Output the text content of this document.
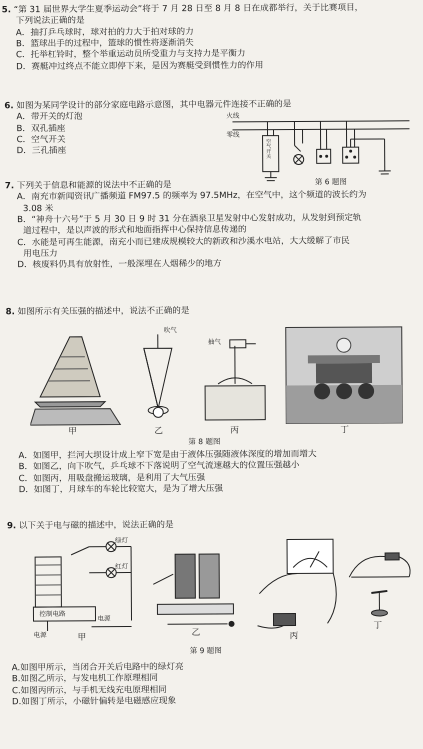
5. “第 31 届世界大学生夏季运动会”将于 7 月 28 日至 8 月 8 日在成都举行，关于比赛项目，
下列说法正确的是
A．抽打乒乓球时，球对拍的力大于拍对球的力
B．篮球出手的过程中，篮球的惯性将逐渐消失
C．托举杠铃时，整个举重运动员所受重力与支持力是平衡力
D．赛艇冲过终点不能立即停下来，是因为赛艇受到惯性力的作用
6. 如图为某同学设计的部分家庭电路示意图，其中电器元件连接不正确的是
A．带开关的灯泡
B．双孔插座
C．空气开关
D．三孔插座
火线
零线
空气开关
第 6 题图
7. 下列关于信息和能源的说法中不正确的是
A．南充市新闻资讯广播频道 FM97.5 的频率为 97.5MHz，在空气中，这个频道的波长约为
3.08 米
B．“神舟十六号”于 5 月 30 日 9 时 31 分在酒泉卫星发射中心发射成功，从发射到预定轨
道过程中，是以声波的形式和地面指挥中心保持信息传递的
C．水能是可再生能源，南充小而已建成规模较大的新政和沙溪水电站，大大缓解了市民
用电压力
D．核废料仍具有放射性，一般深埋在人烟稀少的地方
8. 如图所示有关压强的描述中，说法不正确的是
吹气
抽气
甲	乙	丙	丁
第 8 题图
A．如图甲，拦河大坝设计成上窄下宽是由于液体压强随液体深度的增加而增大
B．如图乙，向下吹气，乒乓球不下落说明了空气流速越大的位置压强越小
C．如图丙，用吸盘搬运玻璃，是利用了大气压强
D．如图丁，月球车的车轮比较宽大，是为了增大压强
9. 以下关于电与磁的描述中，说法正确的是
绿灯
红灯
控制电路
电源
电源
甲	乙	丙
丁
第 9 题图
A.如图甲所示，当闭合开关后电路中的绿灯亮
B.如图乙所示，与发电机工作原理相同
C.如图丙所示，与手机无线充电原理相同
D.如图丁所示，小磁针偏转是电磁感应现象
